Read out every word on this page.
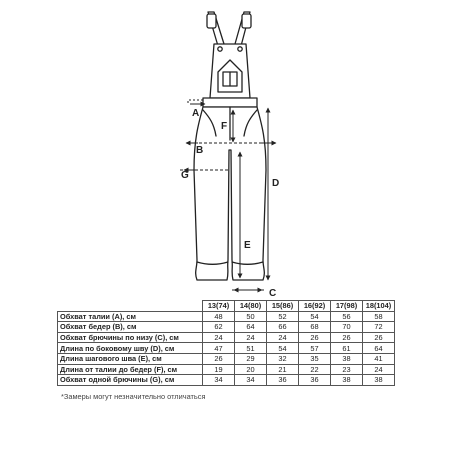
A
F
B
G
D
E
C
	13(74)	14(80)	15(86)	16(92)	17(98)	18(104)
Обхват талии (A), см	48	50	52	54	56	58
Обхват бедер (B), см	62	64	66	68	70	72
Обхват брючины по низу (C), см	24	24	24	26	26	26
Длина по боковому шву (D), см	47	51	54	57	61	64
Длина шагового шва (E), см	26	29	32	35	38	41
Длина от талии до бедер (F), см	19	20	21	22	23	24
Обхват одной брючины (G), см	34	34	36	36	38	38
*Замеры могут незначительно отличаться
